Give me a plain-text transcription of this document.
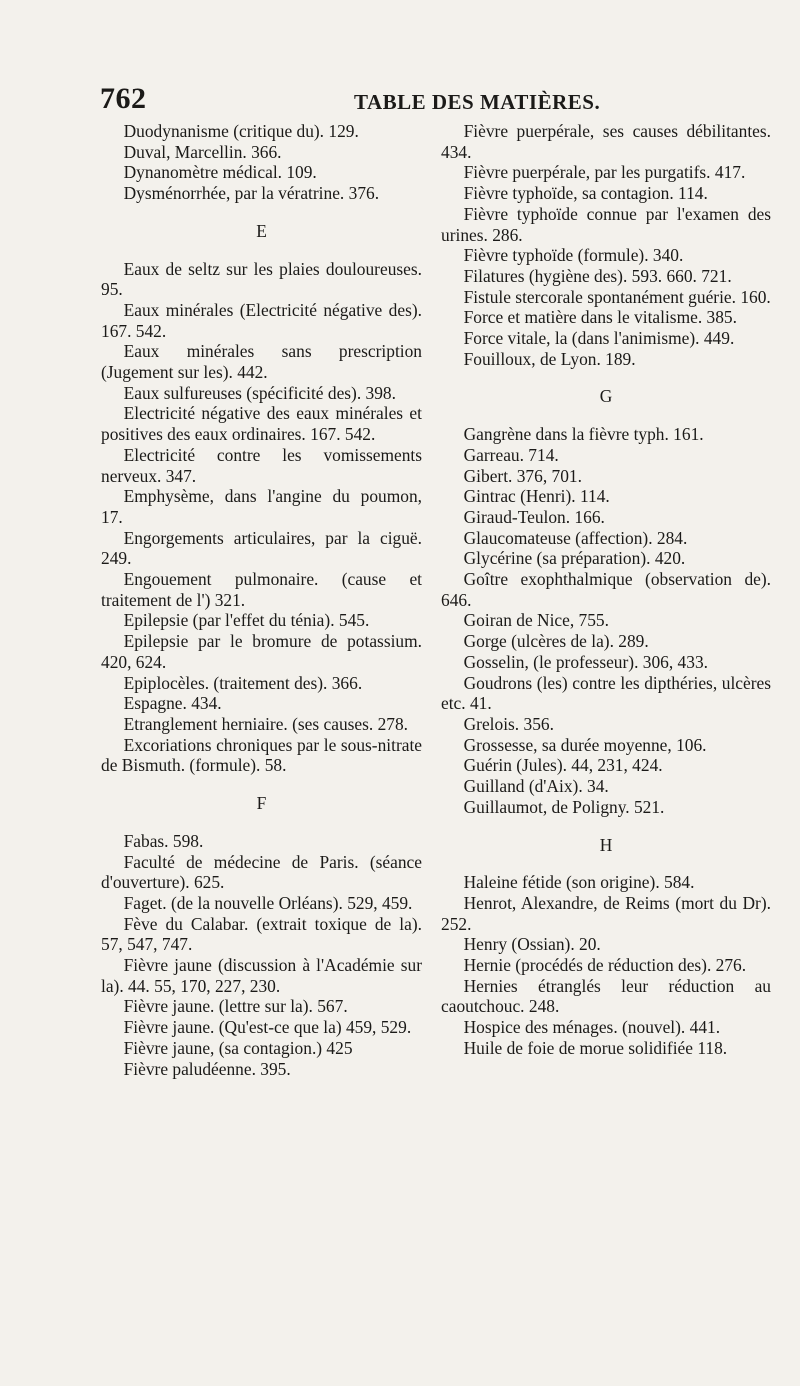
762	TABLE DES MATIÈRES.

Duodynanisme (critique du). 129.

Duval, Marcellin. 366.

Dynanomètre médical. 109.

Dysménorrhée, par la vératrine. 376.

E

Eaux de seltz sur les plaies douloureuses. 95.

Eaux minérales (Electricité négative des). 167. 542.

Eaux minérales sans prescription (Jugement sur les). 442.

Eaux sulfureuses (spécificité des). 398.

Electricité négative des eaux minérales et positives des eaux ordinaires. 167. 542.

Electricité contre les vomissements nerveux. 347.

Emphysème, dans l'angine du poumon, 17.

Engorgements articulaires, par la ciguë. 249.

Engouement pulmonaire. (cause et traitement de l') 321.

Epilepsie (par l'effet du ténia). 545.

Epilepsie par le bromure de potassium. 420, 624.

Epiplocèles. (traitement des). 366.

Espagne. 434.

Etranglement herniaire. (ses causes. 278.

Excoriations chroniques par le sous-nitrate de Bismuth. (formule). 58.

F

Fabas. 598.

Faculté de médecine de Paris. (séance d'ouverture). 625.

Faget. (de la nouvelle Orléans). 529, 459.

Fève du Calabar. (extrait toxique de la). 57, 547, 747.

Fièvre jaune (discussion à l'Académie sur la). 44. 55, 170, 227, 230.

Fièvre jaune. (lettre sur la). 567.

Fièvre jaune. (Qu'est-ce que la) 459, 529.

Fièvre jaune, (sa contagion.) 425

Fièvre paludéenne. 395.

Fièvre puerpérale, ses causes débilitantes. 434.

Fièvre puerpérale, par les purgatifs. 417.

Fièvre typhoïde, sa contagion. 114.

Fièvre typhoïde connue par l'examen des urines. 286.

Fièvre typhoïde (formule). 340.

Filatures (hygiène des). 593. 660. 721.

Fistule stercorale spontanément guérie. 160.

Force et matière dans le vitalisme. 385.

Force vitale, la (dans l'animisme). 449.

Fouilloux, de Lyon. 189.

G

Gangrène dans la fièvre typh. 161.

Garreau. 714.

Gibert. 376, 701.

Gintrac (Henri). 114.

Giraud-Teulon. 166.

Glaucomateuse (affection). 284.

Glycérine (sa préparation). 420.

Goître exophthalmique (observation de). 646.

Goiran de Nice, 755.

Gorge (ulcères de la). 289.

Gosselin, (le professeur). 306, 433.

Goudrons (les) contre les dipthéries, ulcères etc. 41.

Grelois. 356.

Grossesse, sa durée moyenne, 106.

Guérin (Jules). 44, 231, 424.

Guilland (d'Aix). 34.

Guillaumot, de Poligny. 521.

H

Haleine fétide (son origine). 584.

Henrot, Alexandre, de Reims (mort du Dr). 252.

Henry (Ossian). 20.

Hernie (procédés de réduction des). 276.

Hernies étranglés leur réduction au caoutchouc. 248.

Hospice des ménages. (nouvel). 441.

Huile de foie de morue solidifiée 118.
